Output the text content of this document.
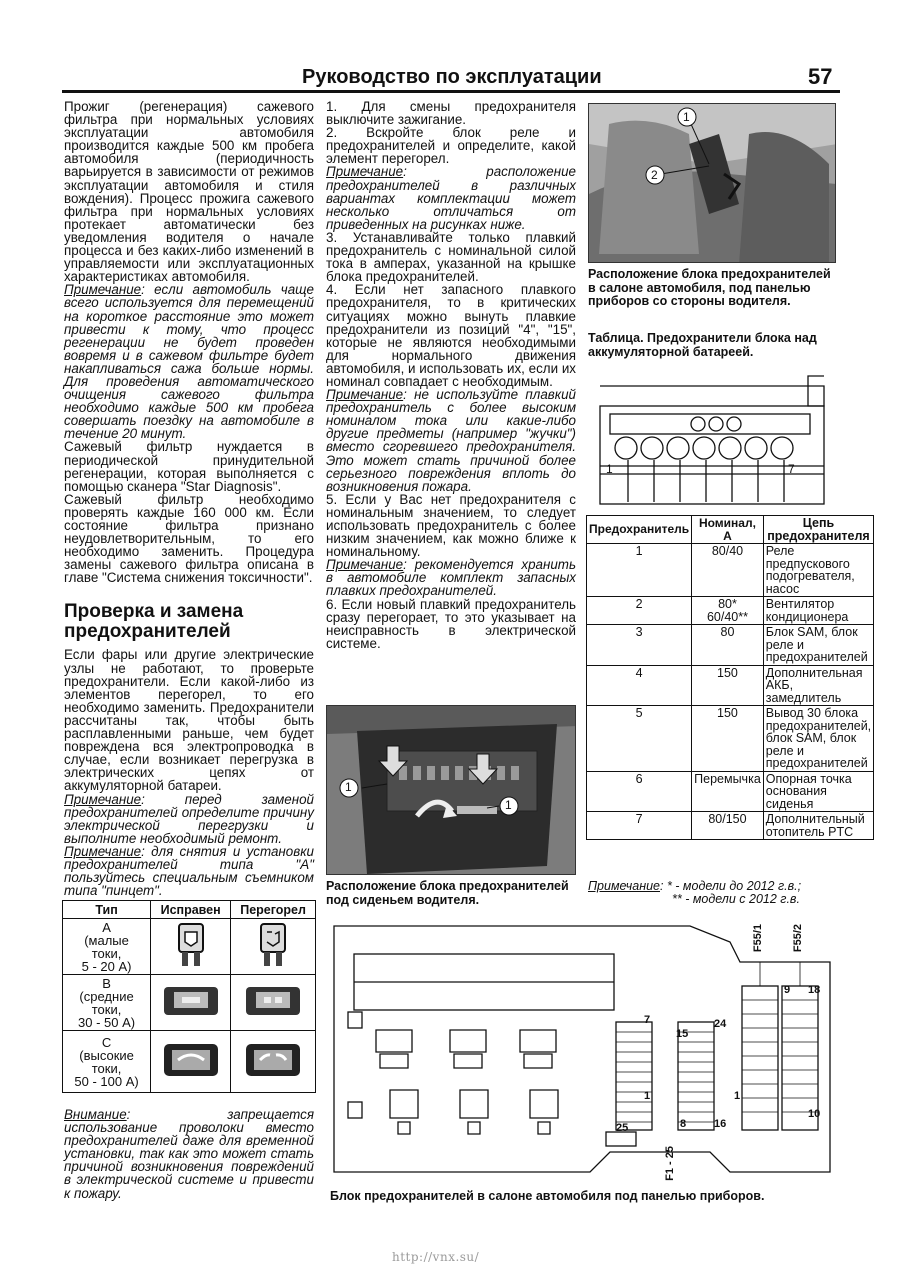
Руководство по эксплуатации	57

Прожиг (регенерация) сажевого фильтра при нормальных условиях эксплуатации автомобиля производится каждые 500 км пробега автомобиля (периодичность варьируется в зависимости от режимов эксплуатации автомобиля и стиля вождения). Процесс прожига сажевого фильтра при нормальных условиях протекает автоматически без уведомления водителя о начале процесса и без каких-либо изменений в управляемости или эксплуатационных характеристиках автомобиля.

Примечание: если автомобиль чаще всего используется для перемещений на короткое расстояние это может привести к тому, что процесс регенерации не будет проведен вовремя и в сажевом фильтре будет накапливаться сажа больше нормы. Для проведения автоматического очищения сажевого фильтра необходимо каждые 500 км пробега совершать поездку на автомобиле в течение 20 минут.

Сажевый фильтр нуждается в периодической принудительной регенерации, которая выполняется с помощью сканера "Star Diagnosis".

Сажевый фильтр необходимо проверять каждые 160 000 км. Если состояние фильтра признано неудовлетворительным, то его необходимо заменить. Процедура замены сажевого фильтра описана в главе "Система снижения токсичности".

Проверка и замена предохранителей

Если фары или другие электрические узлы не работают, то проверьте предохранители. Если какой-либо из элементов перегорел, то его необходимо заменить. Предохранители рассчитаны так, чтобы быть расплавленными раньше, чем будет повреждена вся электропроводка в случае, если возникает перегрузка в электрических цепях от аккумуляторной батареи.

Примечание: перед заменой предохранителей определите причину электрической перегрузки и выполните необходимый ремонт.

Примечание: для снятия и установки предохранителей типа "А" пользуйтесь специальным съемником типа "пинцет".

Тип	Исправен	Перегорел
А
(малые
токи,
5 - 20 А)		
В
(средние
токи,
30 - 50 А)		
С
(высокие
токи,
50 - 100 А)		

Внимание: запрещается использование проволоки вместо предохранителей даже для временной установки, так как это может стать причиной возникновения повреждений в электрической системе и привести к пожару.

1. Для смены предохранителя выключите зажигание.

2. Вскройте блок реле и предохранителей и определите, какой элемент перегорел.

Примечание: расположение предохранителей в различных вариантах комплектации может несколько отличаться от приведенных на рисунках ниже.

3. Устанавливайте только плавкий предохранитель с номинальной силой тока в амперах, указанной на крышке блока предохранителей.

4. Если нет запасного плавкого предохранителя, то в критических ситуациях можно вынуть плавкие предохранители из позиций "4", "15", которые не являются необходимыми для нормального движения автомобиля, и использовать их, если их номинал совпадает с необходимым.

Примечание: не используйте плавкий предохранитель с более высоким номиналом тока или какие-либо другие предметы (например "жучки") вместо сгоревшего предохранителя. Это может стать причиной более серьезного повреждения вплоть до возникновения пожара.

5. Если у Вас нет предохранителя с номинальным значением, то следует использовать предохранитель с более низким значением, как можно ближе к номинальному.

Примечание: рекомендуется хранить в автомобиле комплект запасных плавких предохранителей.

6. Если новый плавкий предохранитель сразу перегорает, то это указывает на неисправность в электрической системе.

1
1
Расположение блока предохранителей под сиденьем водителя.
1
2
Расположение блока предохранителей в салоне автомобиля, под панелью приборов со стороны водителя.
Таблица. Предохранители блока над аккумуляторной батареей.
1	7
Предохранитель	Номинал, А	Цепь предохранителя
1	80/40	Реле предпускового подогревателя, насос
2	80*
60/40**	Вентилятор кондиционера
3	80	Блок SAM, блок реле и предохранителей
4	150	Дополнительная АКБ, замедлитель
5	150	Вывод 30 блока предохранителей, блок SAM, блок реле и предохранителей
6	Перемычка	Опорная точка основания сиденья
7	80/150	Дополнительный отопитель PTC
Примечание: * - модели до 2012 г.в.;
** - модели с 2012 г.в.
F55/1	F55/2
7
9 18
15
24
1	1
8	16
10
25
F1 - 25
Блок предохранителей в салоне автомобиля под панелью приборов.
http://vnx.su/
